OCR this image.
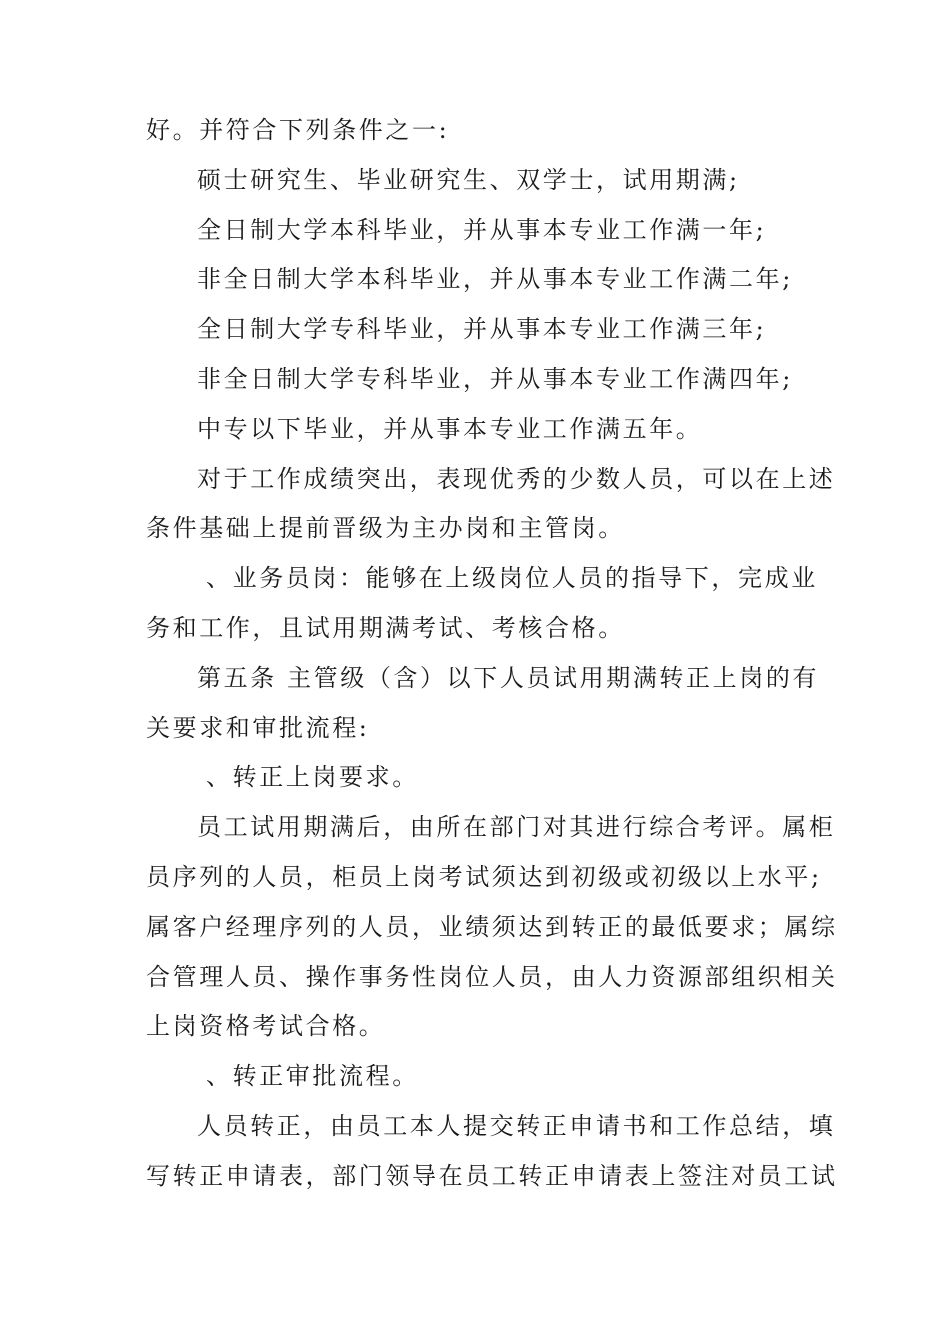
好。并符合下列条件之一:
硕士研究生、毕业研究生、双学士，试用期满;
全日制大学本科毕业，并从事本专业工作满一年;
非全日制大学本科毕业，并从事本专业工作满二年;
全日制大学专科毕业，并从事本专业工作满三年;
非全日制大学专科毕业，并从事本专业工作满四年;
中专以下毕业，并从事本专业工作满五年。
对于工作成绩突出，表现优秀的少数人员，可以在上述
条件基础上提前晋级为主办岗和主管岗。
、业务员岗：能够在上级岗位人员的指导下，完成业
务和工作，且试用期满考试、考核合格。
第五条 主管级（含）以下人员试用期满转正上岗的有
关要求和审批流程:
、转正上岗要求。
员工试用期满后，由所在部门对其进行综合考评。属柜
员序列的人员，柜员上岗考试须达到初级或初级以上水平;
属客户经理序列的人员，业绩须达到转正的最低要求；属综
合管理人员、操作事务性岗位人员，由人力资源部组织相关
上岗资格考试合格。
、转正审批流程。
人员转正，由员工本人提交转正申请书和工作总结，填
写转正申请表，部门领导在员工转正申请表上签注对员工试
